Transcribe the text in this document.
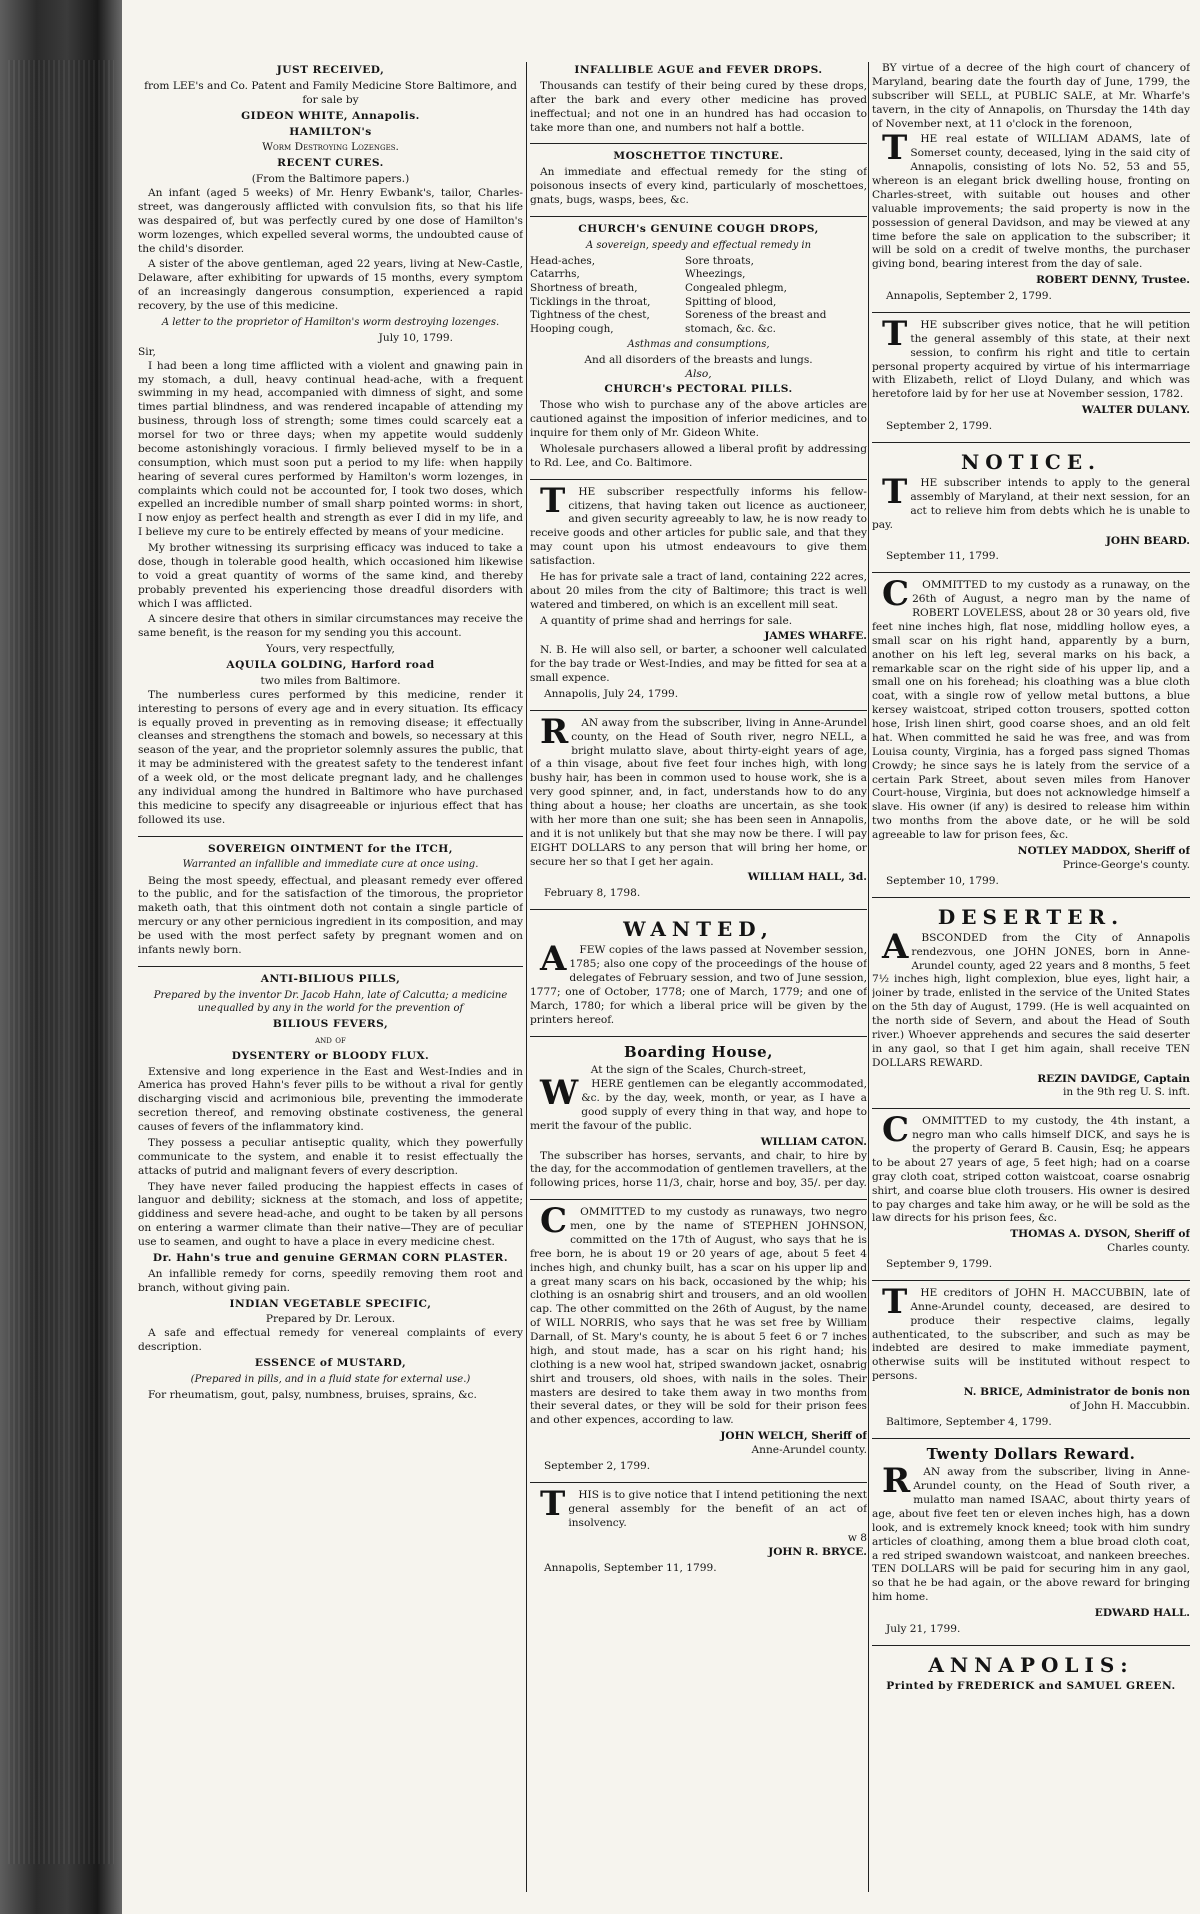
JUST RECEIVED,
from LEE's and Co. Patent and Family Medicine Store Baltimore, and for sale by
GIDEON WHITE, Annapolis.
HAMILTON's
Worm Destroying Lozenges.
RECENT CURES.
(From the Baltimore papers.)

An infant (aged 5 weeks) of Mr. Henry Ewbank's, tailor, Charles-street, was dangerously afflicted with convulsion fits, so that his life was despaired of, but was perfectly cured by one dose of Hamilton's worm lozenges, which expelled several worms, the undoubted cause of the child's disorder.

A sister of the above gentleman, aged 22 years, living at New-Castle, Delaware, after exhibiting for upwards of 15 months, every symptom of an increasingly dangerous consumption, experienced a rapid recovery, by the use of this medicine.

A letter to the proprietor of Hamilton's worm destroying lozenges.
July 10, 1799.
Sir,

I had been a long time afflicted with a violent and gnawing pain in my stomach, a dull, heavy continual head-ache, with a frequent swimming in my head, accompanied with dimness of sight, and some times partial blindness, and was rendered incapable of attending my business, through loss of strength; some times could scarcely eat a morsel for two or three days; when my appetite would suddenly become astonishingly voracious. I firmly believed myself to be in a consumption, which must soon put a period to my life: when happily hearing of several cures performed by Hamilton's worm lozenges, in complaints which could not be accounted for, I took two doses, which expelled an incredible number of small sharp pointed worms: in short, I now enjoy as perfect health and strength as ever I did in my life, and I believe my cure to be entirely effected by means of your medicine.

My brother witnessing its surprising efficacy was induced to take a dose, though in tolerable good health, which occasioned him likewise to void a great quantity of worms of the same kind, and thereby probably prevented his experiencing those dreadful disorders with which I was afflicted.

A sincere desire that others in similar circumstances may receive the same benefit, is the reason for my sending you this account.

Yours, very respectfully,
AQUILA GOLDING, Harford road
two miles from Baltimore.

The numberless cures performed by this medicine, render it interesting to persons of every age and in every situation. Its efficacy is equally proved in preventing as in removing disease; it effectually cleanses and strengthens the stomach and bowels, so necessary at this season of the year, and the proprietor solemnly assures the public, that it may be administered with the greatest safety to the tenderest infant of a week old, or the most delicate pregnant lady, and he challenges any individual among the hundred in Baltimore who have purchased this medicine to specify any disagreeable or injurious effect that has followed its use.

SOVEREIGN OINTMENT for the ITCH,
Warranted an infallible and immediate cure at once using.

Being the most speedy, effectual, and pleasant remedy ever offered to the public, and for the satisfaction of the timorous, the proprietor maketh oath, that this ointment doth not contain a single particle of mercury or any other pernicious ingredient in its composition, and may be used with the most perfect safety by pregnant women and on infants newly born.

ANTI-BILIOUS PILLS,
Prepared by the inventor Dr. Jacob Hahn, late of Calcutta; a medicine unequalled by any in the world for the prevention of
BILIOUS FEVERS,
and of
DYSENTERY or BLOODY FLUX.

Extensive and long experience in the East and West-Indies and in America has proved Hahn's fever pills to be without a rival for gently discharging viscid and acrimonious bile, preventing the immoderate secretion thereof, and removing obstinate costiveness, the general causes of fevers of the inflammatory kind.

They possess a peculiar antiseptic quality, which they powerfully communicate to the system, and enable it to resist effectually the attacks of putrid and malignant fevers of every description.

They have never failed producing the happiest effects in cases of languor and debility; sickness at the stomach, and loss of appetite; giddiness and severe head-ache, and ought to be taken by all persons on entering a warmer climate than their native—They are of peculiar use to seamen, and ought to have a place in every medicine chest.

Dr. Hahn's true and genuine GERMAN CORN PLASTER.

An infallible remedy for corns, speedily removing them root and branch, without giving pain.

INDIAN VEGETABLE SPECIFIC,
Prepared by Dr. Leroux.

A safe and effectual remedy for venereal complaints of every description.

ESSENCE of MUSTARD,
(Prepared in pills, and in a fluid state for external use.)

For rheumatism, gout, palsy, numbness, bruises, sprains, &c.

INFALLIBLE AGUE and FEVER DROPS.

Thousands can testify of their being cured by these drops, after the bark and every other medicine has proved ineffectual; and not one in an hundred has had occasion to take more than one, and numbers not half a bottle.

MOSCHETTOE TINCTURE.

An immediate and effectual remedy for the sting of poisonous insects of every kind, particularly of moschettoes, gnats, bugs, wasps, bees, &c.

CHURCH's GENUINE COUGH DROPS,
A sovereign, speedy and effectual remedy in
Head-aches,	Sore throats,
Catarrhs,	Wheezings,
Shortness of breath,	Congealed phlegm,
Ticklings in the throat,	Spitting of blood,
Tightness of the chest,	Soreness of the breast and
Hooping cough,	stomach, &c. &c.
Asthmas and consumptions,
And all disorders of the breasts and lungs.
Also,
CHURCH's PECTORAL PILLS.

Those who wish to purchase any of the above articles are cautioned against the imposition of inferior medicines, and to inquire for them only of Mr. Gideon White.

Wholesale purchasers allowed a liberal profit by addressing to Rd. Lee, and Co. Baltimore.

THE subscriber respectfully informs his fellow-citizens, that having taken out licence as auctioneer, and given security agreeably to law, he is now ready to receive goods and other articles for public sale, and that they may count upon his utmost endeavours to give them satisfaction.

He has for private sale a tract of land, containing 222 acres, about 20 miles from the city of Baltimore; this tract is well watered and timbered, on which is an excellent mill seat.

A quantity of prime shad and herrings for sale.

JAMES WHARFE.

N. B. He will also sell, or barter, a schooner well calculated for the bay trade or West-Indies, and may be fitted for sea at a small expence.

Annapolis, July 24, 1799.

RAN away from the subscriber, living in Anne-Arundel county, on the Head of South river, negro NELL, a bright mulatto slave, about thirty-eight years of age, of a thin visage, about five feet four inches high, with long bushy hair, has been in common used to house work, she is a very good spinner, and, in fact, understands how to do any thing about a house; her cloaths are uncertain, as she took with her more than one suit; she has been seen in Annapolis, and it is not unlikely but that she may now be there. I will pay EIGHT DOLLARS to any person that will bring her home, or secure her so that I get her again.

WILLIAM HALL, 3d.
February 8, 1798.
WANTED,

AFEW copies of the laws passed at November session, 1785; also one copy of the proceedings of the house of delegates of February session, and two of June session, 1777; one of October, 1778; one of March, 1779; and one of March, 1780; for which a liberal price will be given by the printers hereof.

Boarding House,
At the sign of the Scales, Church-street,

WHERE gentlemen can be elegantly accommodated, &c. by the day, week, month, or year, as I have a good supply of every thing in that way, and hope to merit the favour of the public.

WILLIAM CATON.

The subscriber has horses, servants, and chair, to hire by the day, for the accommodation of gentlemen travellers, at the following prices, horse 11/3, chair, horse and boy, 35/. per day.

COMMITTED to my custody as runaways, two negro men, one by the name of STEPHEN JOHNSON, committed on the 17th of August, who says that he is free born, he is about 19 or 20 years of age, about 5 feet 4 inches high, and chunky built, has a scar on his upper lip and a great many scars on his back, occasioned by the whip; his clothing is an osnabrig shirt and trousers, and an old woollen cap. The other committed on the 26th of August, by the name of WILL NORRIS, who says that he was set free by William Darnall, of St. Mary's county, he is about 5 feet 6 or 7 inches high, and stout made, has a scar on his right hand; his clothing is a new wool hat, striped swandown jacket, osnabrig shirt and trousers, old shoes, with nails in the soles. Their masters are desired to take them away in two months from their several dates, or they will be sold for their prison fees and other expences, according to law.

JOHN WELCH, Sheriff of
Anne-Arundel county.
September 2, 1799.

THIS is to give notice that I intend petitioning the next general assembly for the benefit of an act of insolvency.

w 8
JOHN R. BRYCE.
Annapolis, September 11, 1799.

BY virtue of a decree of the high court of chancery of Maryland, bearing date the fourth day of June, 1799, the subscriber will SELL, at PUBLIC SALE, at Mr. Wharfe's tavern, in the city of Annapolis, on Thursday the 14th day of November next, at 11 o'clock in the forenoon,

THE real estate of WILLIAM ADAMS, late of Somerset county, deceased, lying in the said city of Annapolis, consisting of lots No. 52, 53 and 55, whereon is an elegant brick dwelling house, fronting on Charles-street, with suitable out houses and other valuable improvements; the said property is now in the possession of general Davidson, and may be viewed at any time before the sale on application to the subscriber; it will be sold on a credit of twelve months, the purchaser giving bond, bearing interest from the day of sale.

ROBERT DENNY, Trustee.
Annapolis, September 2, 1799.

THE subscriber gives notice, that he will petition the general assembly of this state, at their next session, to confirm his right and title to certain personal property acquired by virtue of his intermarriage with Elizabeth, relict of Lloyd Dulany, and which was heretofore laid by for her use at November session, 1782.

WALTER DULANY.
September 2, 1799.
NOTICE.

THE subscriber intends to apply to the general assembly of Maryland, at their next session, for an act to relieve him from debts which he is unable to pay.

JOHN BEARD.
September 11, 1799.

COMMITTED to my custody as a runaway, on the 26th of August, a negro man by the name of ROBERT LOVELESS, about 28 or 30 years old, five feet nine inches high, flat nose, middling hollow eyes, a small scar on his right hand, apparently by a burn, another on his left leg, several marks on his back, a remarkable scar on the right side of his upper lip, and a small one on his forehead; his cloathing was a blue cloth coat, with a single row of yellow metal buttons, a blue kersey waistcoat, striped cotton trousers, spotted cotton hose, Irish linen shirt, good coarse shoes, and an old felt hat. When committed he said he was free, and was from Louisa county, Virginia, has a forged pass signed Thomas Crowdy; he since says he is lately from the service of a certain Park Street, about seven miles from Hanover Court-house, Virginia, but does not acknowledge himself a slave. His owner (if any) is desired to release him within two months from the above date, or he will be sold agreeable to law for prison fees, &c.

NOTLEY MADDOX, Sheriff of
Prince-George's county.
September 10, 1799.
DESERTER.

ABSCONDED from the City of Annapolis rendezvous, one JOHN JONES, born in Anne-Arundel county, aged 22 years and 8 months, 5 feet 7½ inches high, light complexion, blue eyes, light hair, a joiner by trade, enlisted in the service of the United States on the 5th day of August, 1799. (He is well acquainted on the north side of Severn, and about the Head of South river.) Whoever apprehends and secures the said deserter in any gaol, so that I get him again, shall receive TEN DOLLARS REWARD.

REZIN DAVIDGE, Captain
in the 9th reg U. S. inft.

COMMITTED to my custody, the 4th instant, a negro man who calls himself DICK, and says he is the property of Gerard B. Causin, Esq; he appears to be about 27 years of age, 5 feet high; had on a coarse gray cloth coat, striped cotton waistcoat, coarse osnabrig shirt, and coarse blue cloth trousers. His owner is desired to pay charges and take him away, or he will be sold as the law directs for his prison fees, &c.

THOMAS A. DYSON, Sheriff of
Charles county.
September 9, 1799.

THE creditors of JOHN H. MACCUBBIN, late of Anne-Arundel county, deceased, are desired to produce their respective claims, legally authenticated, to the subscriber, and such as may be indebted are desired to make immediate payment, otherwise suits will be instituted without respect to persons.

N. BRICE, Administrator de bonis non
of John H. Maccubbin.
Baltimore, September 4, 1799.
Twenty Dollars Reward.

RAN away from the subscriber, living in Anne-Arundel county, on the Head of South river, a mulatto man named ISAAC, about thirty years of age, about five feet ten or eleven inches high, has a down look, and is extremely knock kneed; took with him sundry articles of cloathing, among them a blue broad cloth coat, a red striped swandown waistcoat, and nankeen breeches. TEN DOLLARS will be paid for securing him in any gaol, so that he be had again, or the above reward for bringing him home.

EDWARD HALL.
July 21, 1799.
ANNAPOLIS:
Printed by FREDERICK and SAMUEL GREEN.
